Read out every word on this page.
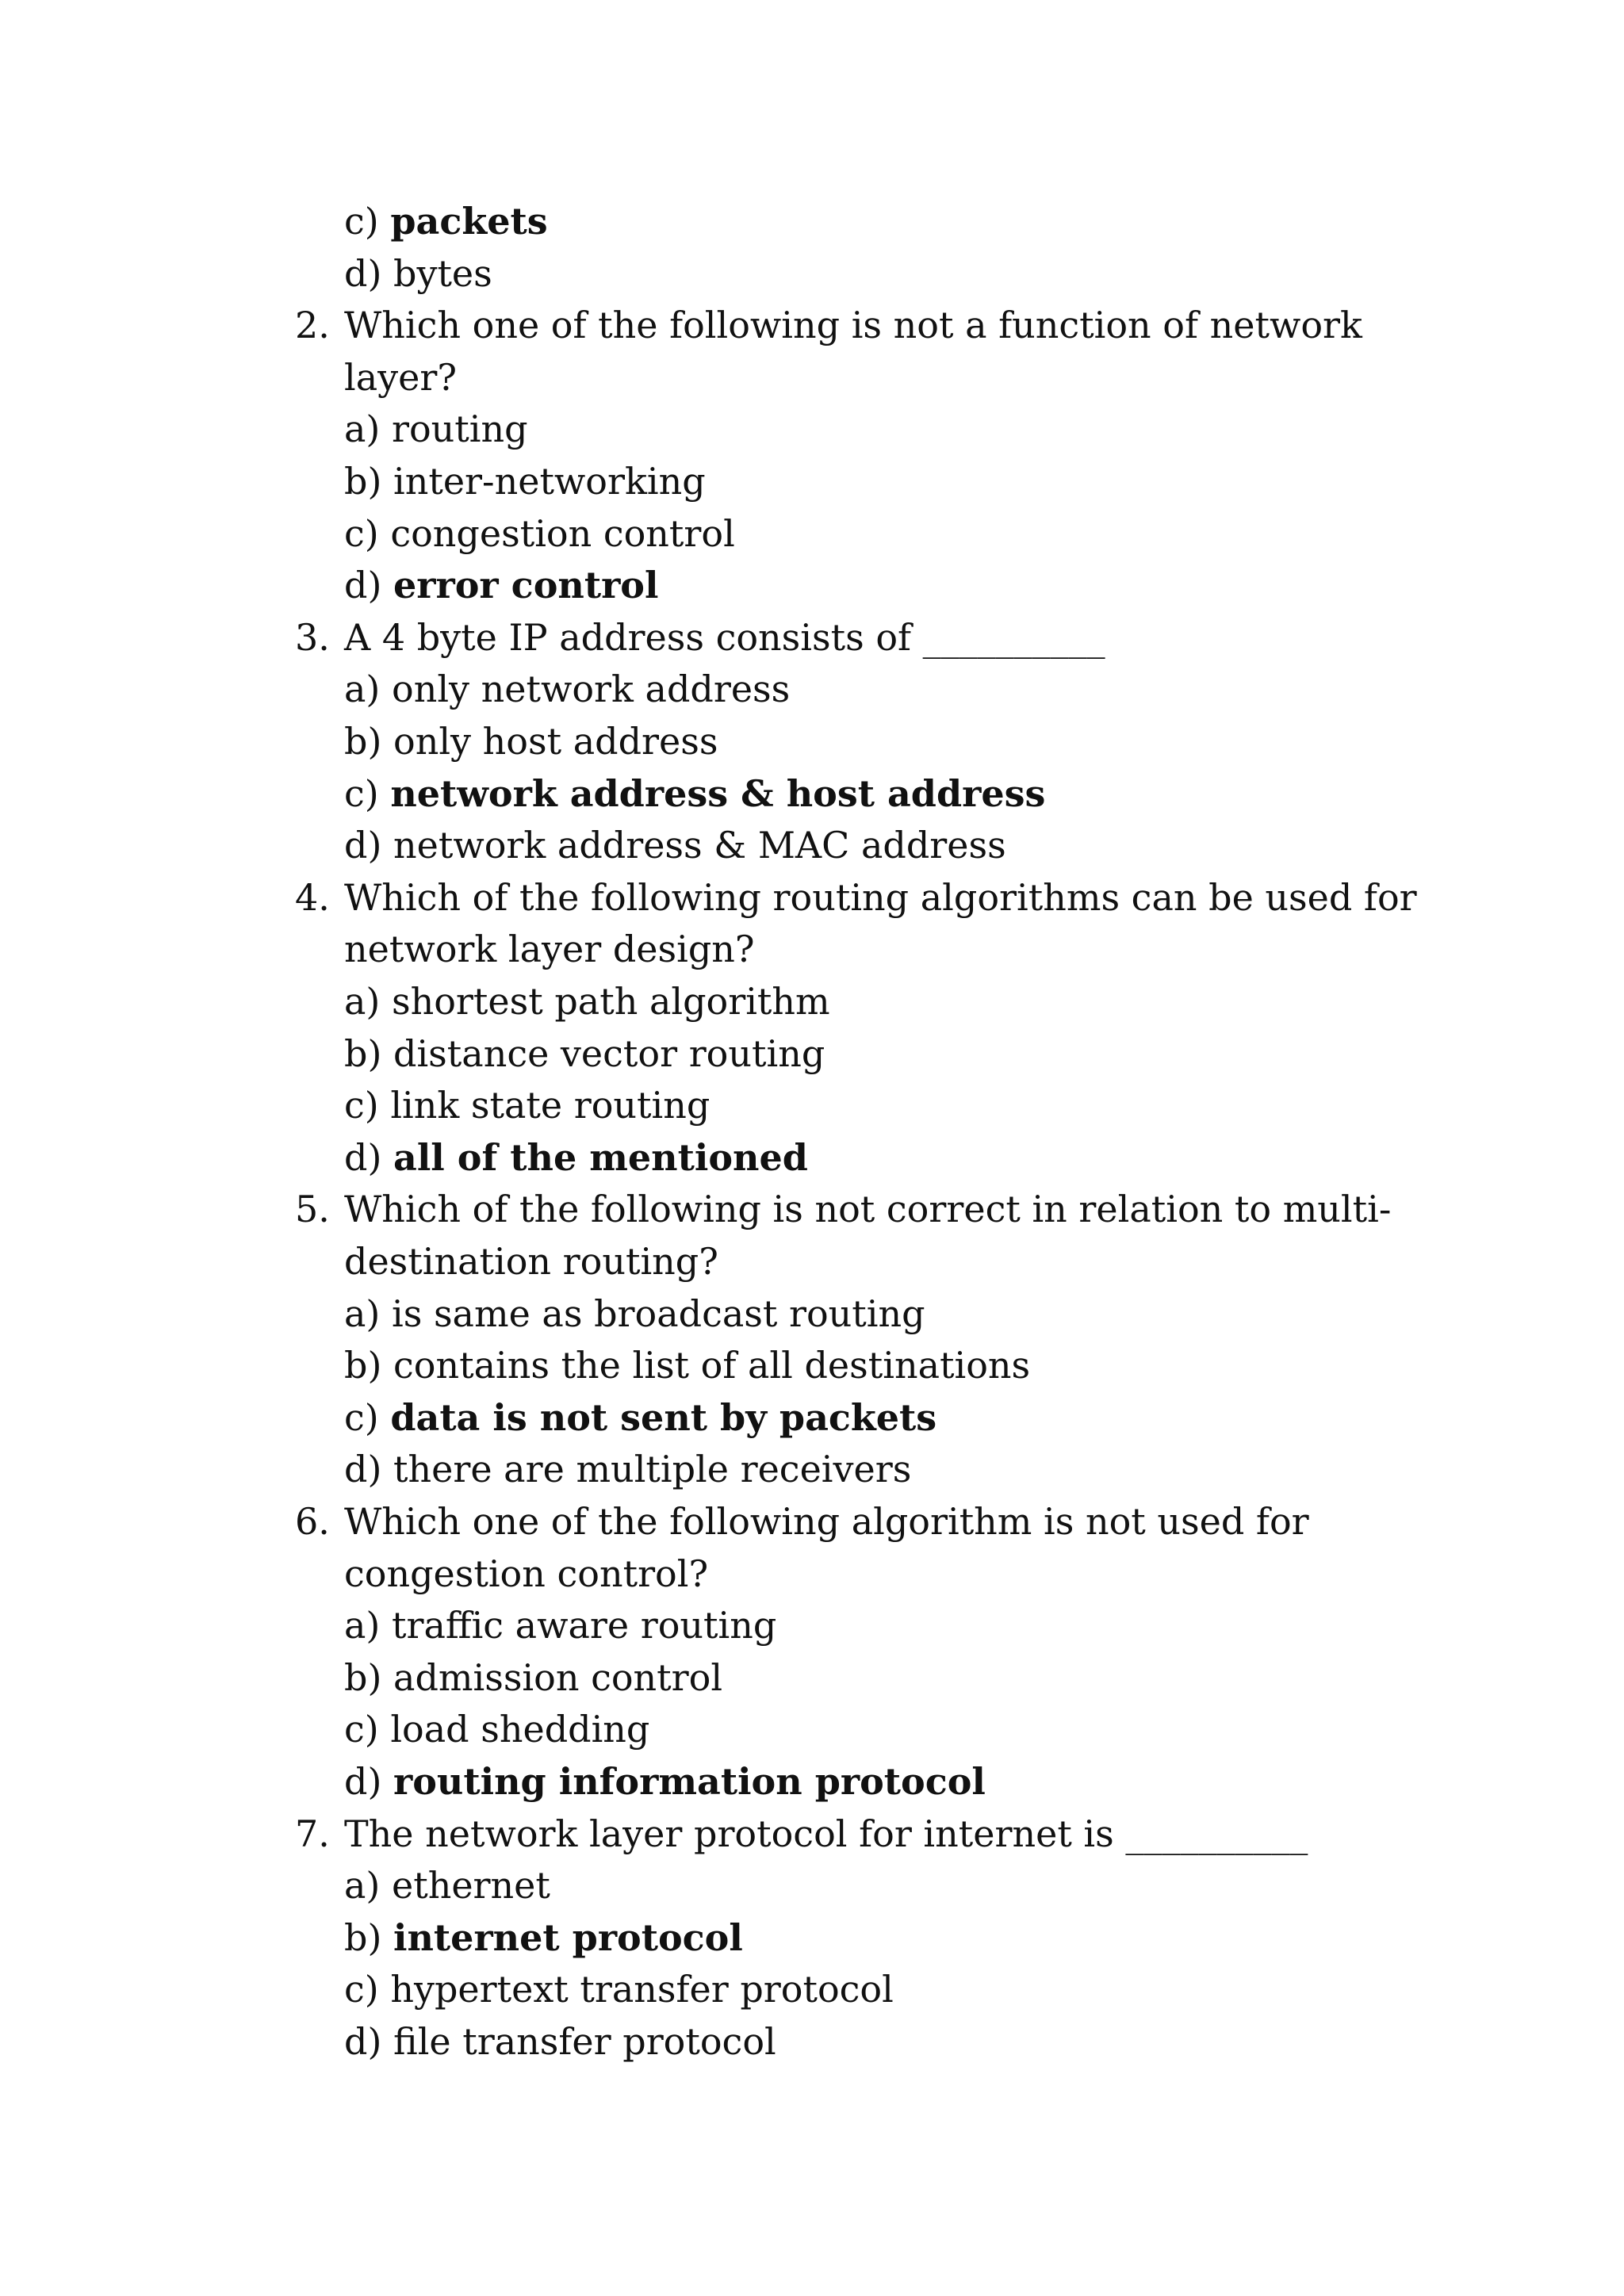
c) packets
d) bytes
2. Which one of the following is not a function of network
layer?
a) routing
b) inter-networking
c) congestion control
d) error control
3. A 4 byte IP address consists of __________
a) only network address
b) only host address
c) network address & host address
d) network address & MAC address
4. Which of the following routing algorithms can be used for
network layer design?
a) shortest path algorithm
b) distance vector routing
c) link state routing
d) all of the mentioned
5. Which of the following is not correct in relation to multi-
destination routing?
a) is same as broadcast routing
b) contains the list of all destinations
c) data is not sent by packets
d) there are multiple receivers
6. Which one of the following algorithm is not used for
congestion control?
a) traffic aware routing
b) admission control
c) load shedding
d) routing information protocol
7. The network layer protocol for internet is __________
a) ethernet
b) internet protocol
c) hypertext transfer protocol
d) file transfer protocol
